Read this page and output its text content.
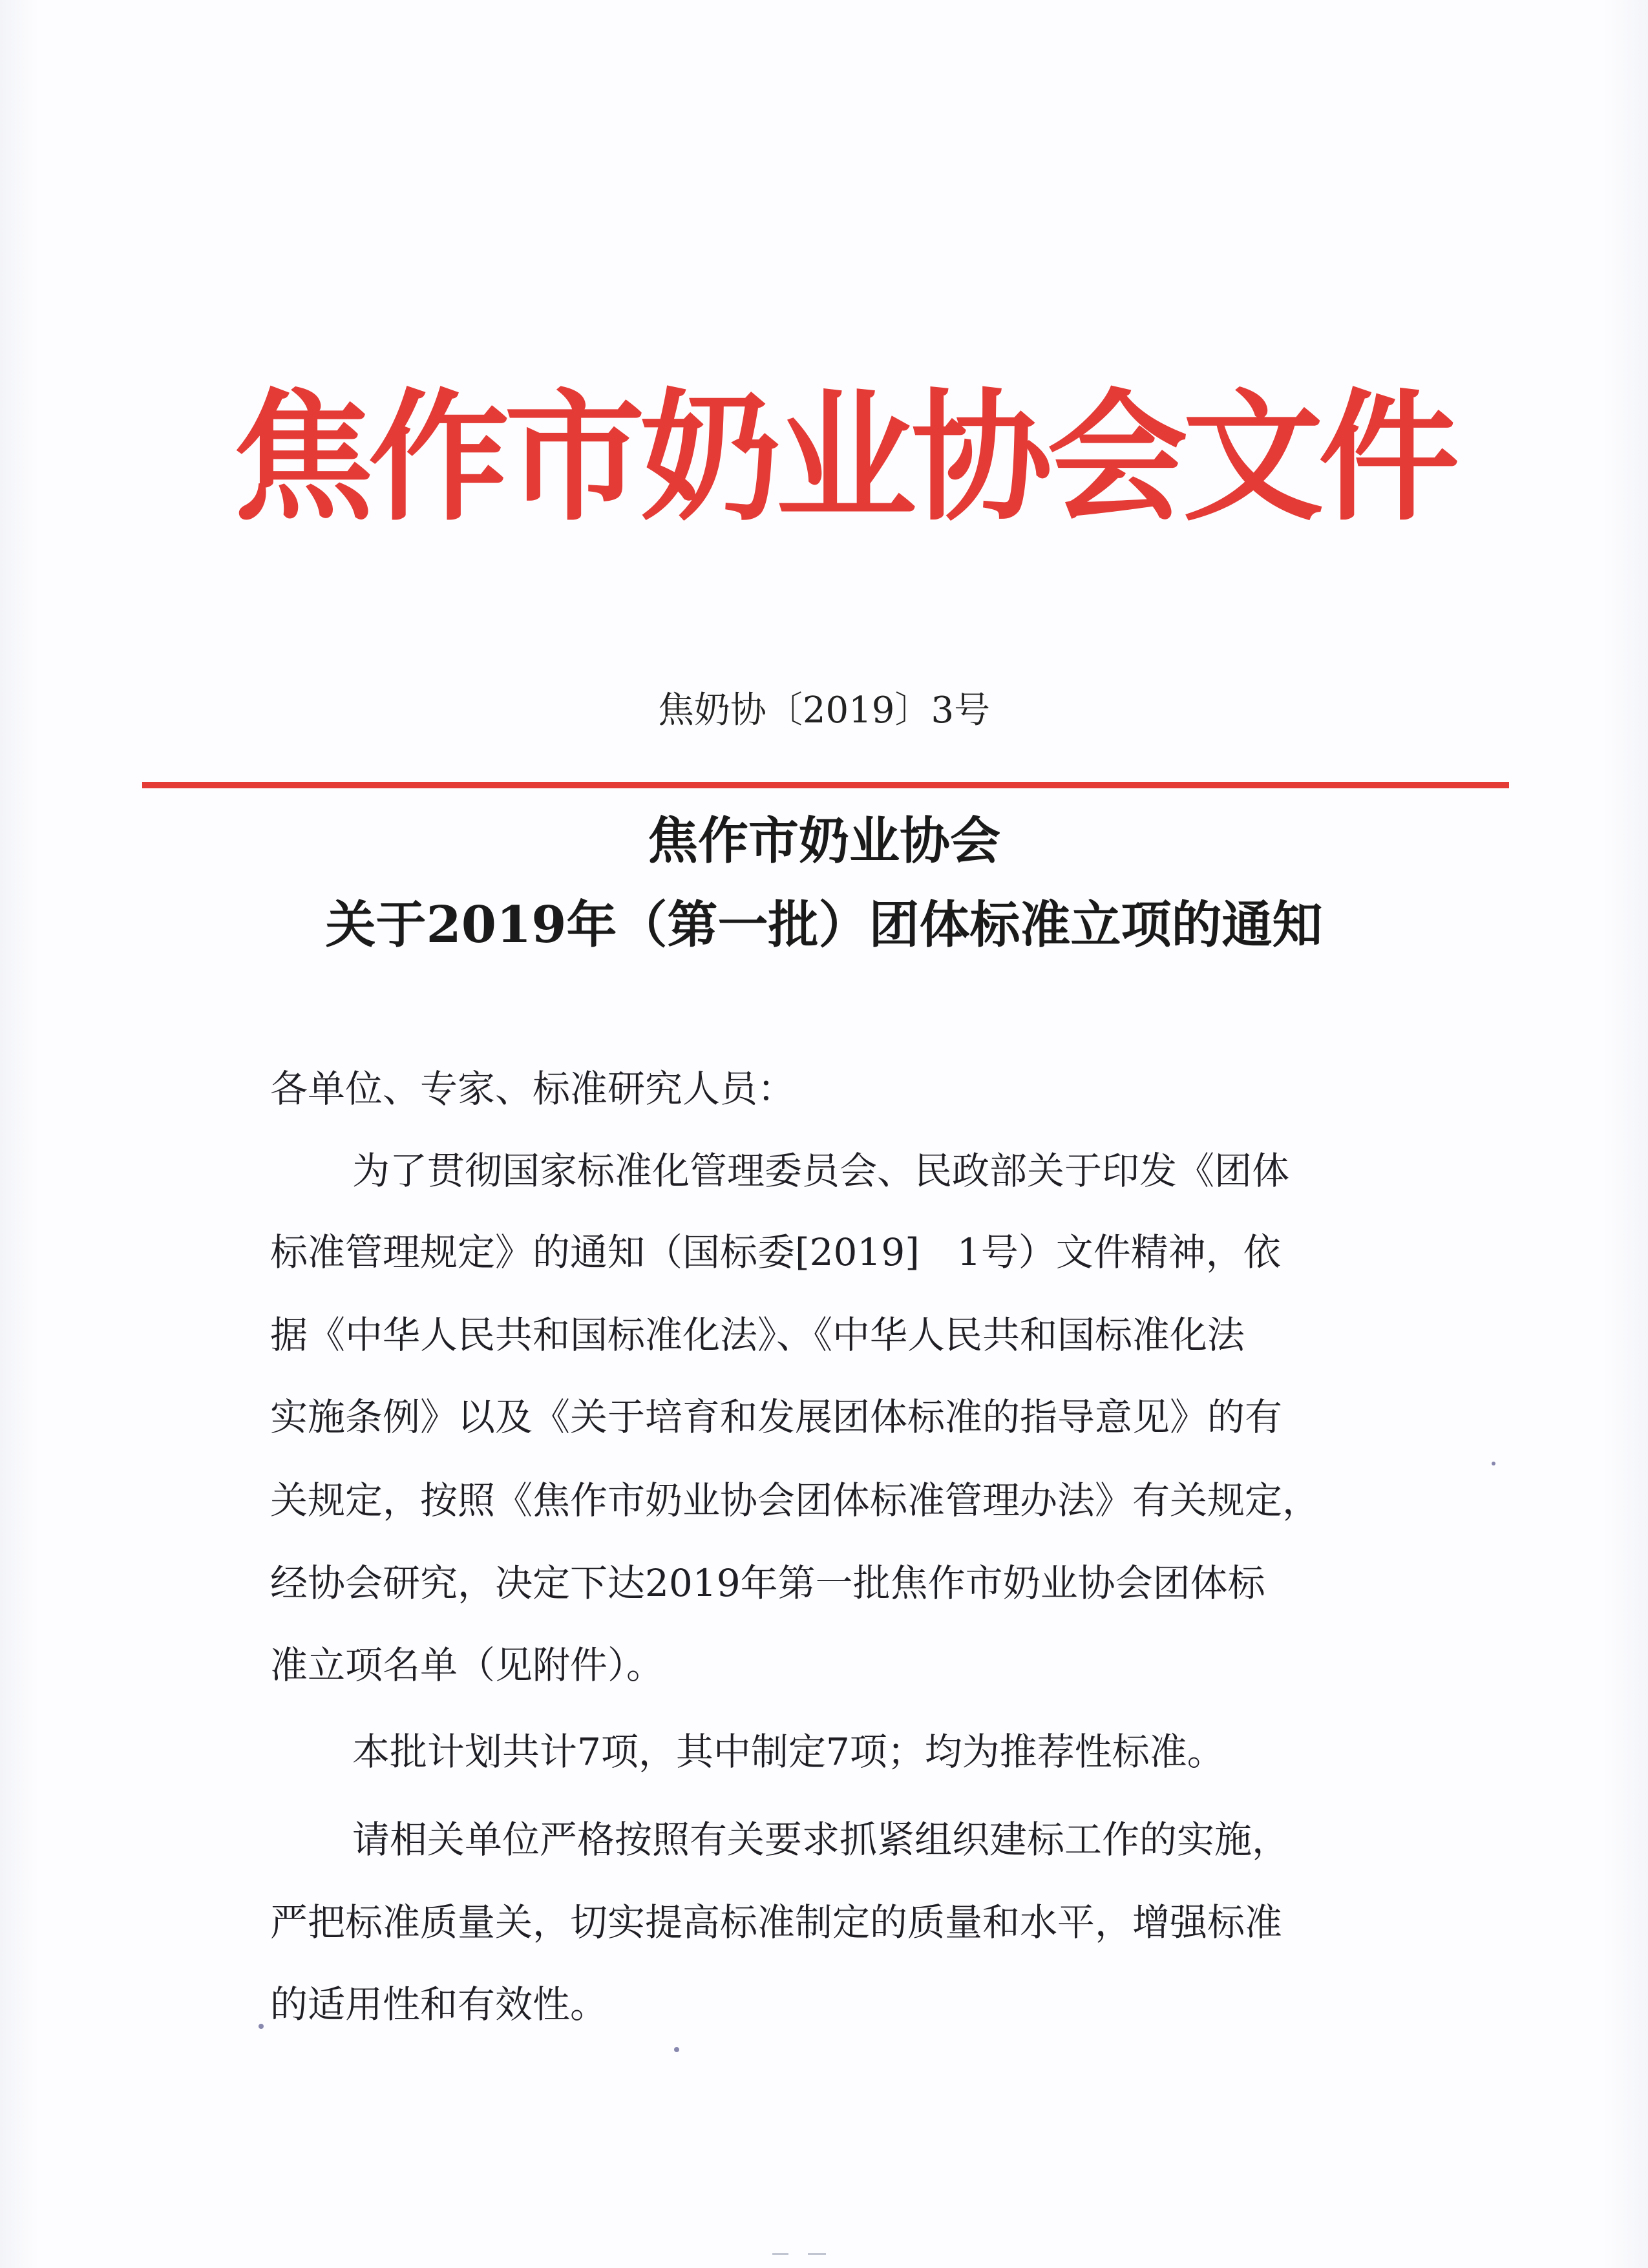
焦作市奶业协会文件
焦奶协〔2019〕3号
焦作市奶业协会
关于2019年（第一批）团体标准立项的通知
各单位、专家、标准研究人员：
为了贯彻国家标准化管理委员会、民政部关于印发《团体
标准管理规定》的通知（国标委[2019]　1号）文件精神，依
据《中华人民共和国标准化法》、《中华人民共和国标准化法
实施条例》以及《关于培育和发展团体标准的指导意见》的有
关规定，按照《焦作市奶业协会团体标准管理办法》有关规定，
经协会研究，决定下达2019年第一批焦作市奶业协会团体标
准立项名单（见附件）。
本批计划共计7项，其中制定7项；均为推荐性标准。
请相关单位严格按照有关要求抓紧组织建标工作的实施，
严把标准质量关，切实提高标准制定的质量和水平，增强标准
的适用性和有效性。
